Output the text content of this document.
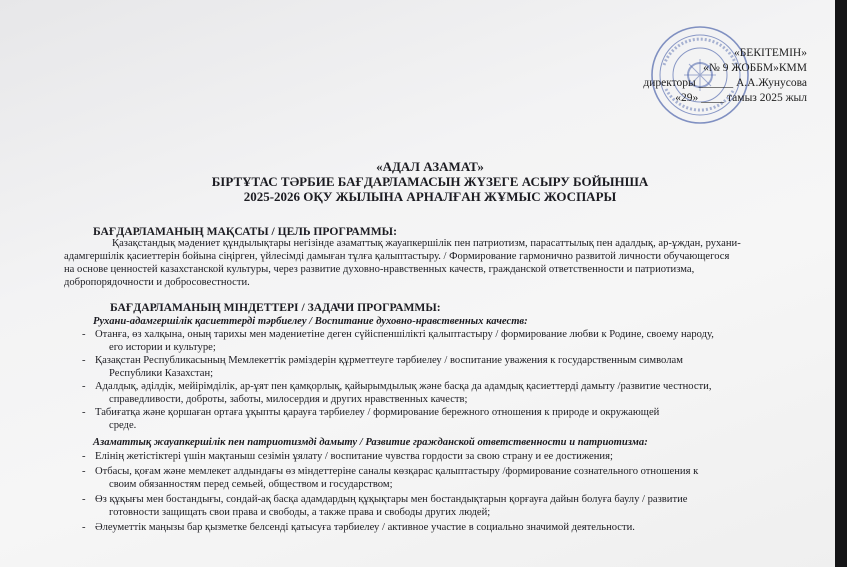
«БЕКІТЕМІН»
«№ 9 ЖОББМ»КММ
директоры ______ А.А.Жунусова
«29» ____ тамыз 2025 жыл
«АДАЛ АЗАМАТ»
БІРТҰТАС ТӘРБИЕ БАҒДАРЛАМАСЫН ЖҮЗЕГЕ АСЫРУ БОЙЫНША
2025-2026 ОҚУ ЖЫЛЫНА АРНАЛҒАН ЖҰМЫС ЖОСПАРЫ
БАҒДАРЛАМАНЫҢ МАҚСАТЫ / ЦЕЛЬ ПРОГРАММЫ:
Қазақстандық мәдениет құндылықтары негізінде азаматтық жауапкершілік пен патриотизм, парасаттылық пен адалдық, ар-ұждан, рухани-
адамгершілік қасиеттерін бойына сіңірген, үйлесімді дамыған тұлға қалыптастыру. / Формирование гармонично развитой личности обучающегося
на основе ценностей казахстанской культуры, через развитие духовно-нравственных качеств, гражданской ответственности и патриотизма,
добропорядочности и добросовестности.
БАҒДАРЛАМАНЫҢ МІНДЕТТЕРІ / ЗАДАЧИ ПРОГРАММЫ:
Рухани-адамгершілік қасиеттерді тәрбиелеу / Воспитание духовно-нравственных качеств:
- Отанға, өз халқына, оның тарихы мен мәдениетіне деген сүйіспеншілікті қалыптастыру / формирование любви к Родине, своему народу,
его истории и культуре;
- Қазақстан Республикасының Мемлекеттік рәміздерін құрметтеуге тәрбиелеу / воспитание уважения к государственным символам
Республики Казахстан;
- Адалдық, әділдік, мейірімділік, ар-ұят пен қамқорлық, қайырымдылық және басқа да адамдық қасиеттерді дамыту /развитие честности,
справедливости, доброты, заботы, милосердия и других нравственных качеств;
- Табиғатқа және қоршаған ортаға ұқыпты қарауға тәрбиелеу / формирование бережного отношения к природе и окружающей
среде.
Азаматтық жауапкершілік пен патриотизмді дамыту / Развитие гражданской ответственности и патриотизма:
- Елінің жетістіктері үшін мақтаныш сезімін ұялату / воспитание чувства гордости за свою страну и ее достижения;
- Отбасы, қоғам және мемлекет алдындағы өз міндеттеріне саналы көзқарас қалыптастыру /формирование сознательного отношения к
своим обязанностям перед семьей, обществом и государством;
- Өз құқығы мен бостандығы, сондай-ақ басқа адамдардың құқықтары мен бостандықтарын қорғауға дайын болуға баулу / развитие
готовности защищать свои права и свободы, а также права и свободы других людей;
- Әлеуметтік маңызы бар қызметке белсенді қатысуға тәрбиелеу / активное участие в социально значимой деятельности.
